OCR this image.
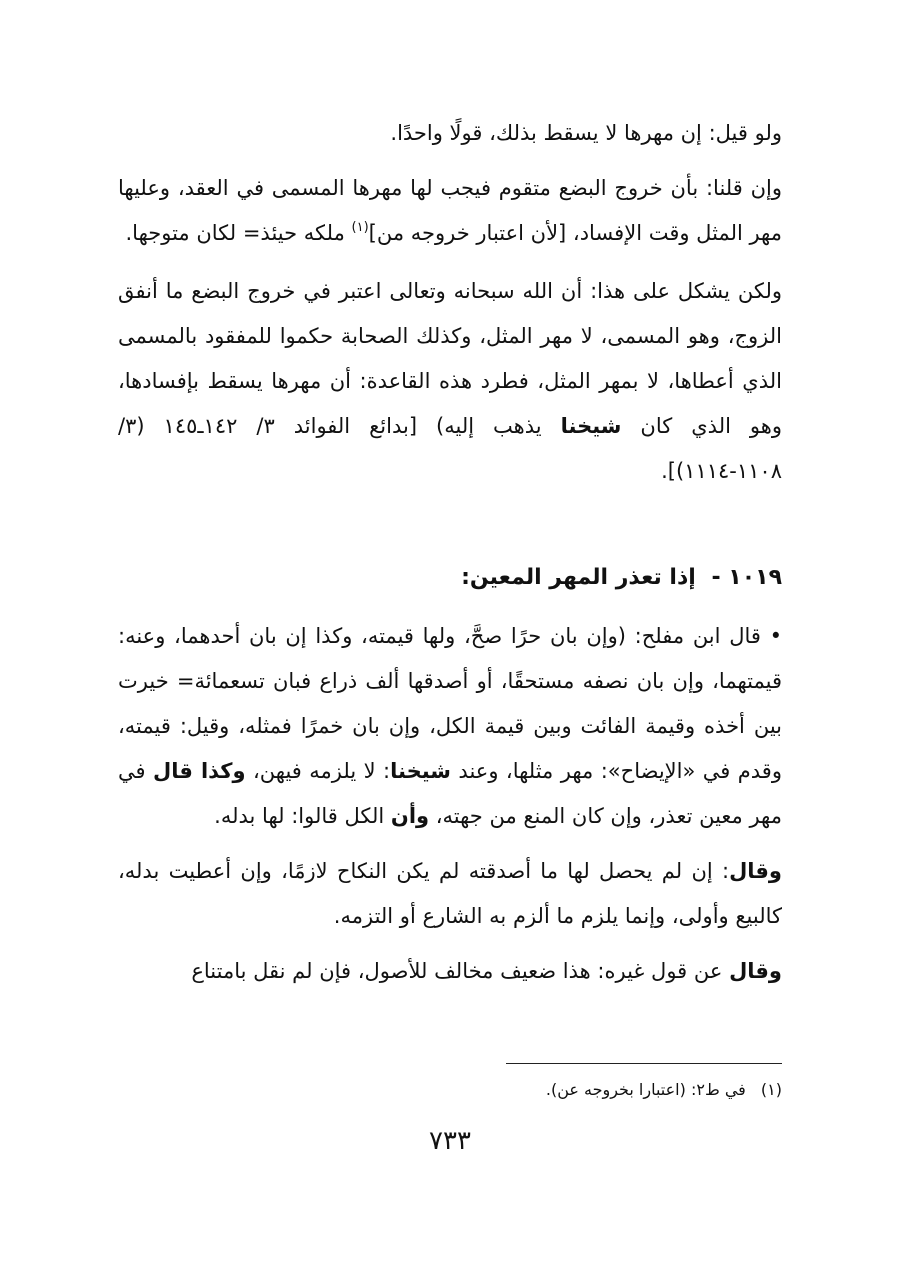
ولو قيل: إن مهرها لا يسقط بذلك، قولًا واحدًا.

وإن قلنا: بأن خروج البضع متقوم فيجب لها مهرها المسمى في العقد، وعليها مهر المثل وقت الإفساد، [لأن اعتبار خروجه من]$^{(١)}$ ملكه حيئذ= لكان متوجها.

ولكن يشكل على هذا: أن الله سبحانه وتعالى اعتبر في خروج البضع ما أنفق الزوج، وهو المسمى، لا مهر المثل، وكذلك الصحابة حكموا للمفقود بالمسمى الذي أعطاها، لا بمهر المثل، فطرد هذه القاعدة: أن مهرها يسقط بإفسادها، وهو الذي كان شيخنا يذهب إليه) [بدائع الفوائد ٣/ ١٤٢ـ١٤٥ (٣/ ١١٠٨-١١١٤)].

١٠١٩ - إذا تعذر المهر المعين:

• قال ابن مفلح: (وإن بان حرًا صحَّ، ولها قيمته، وكذا إن بان أحدهما، وعنه: قيمتهما، وإن بان نصفه مستحقًا، أو أصدقها ألف ذراع فبان تسعمائة= خيرت بين أخذه وقيمة الفائت وبين قيمة الكل، وإن بان خمرًا فمثله، وقيل: قيمته، وقدم في «الإيضاح»: مهر مثلها، وعند شيخنا: لا يلزمه فيهن، وكذا قال في مهر معين تعذر، وإن كان المنع من جهته، وأن الكل قالوا: لها بدله.

وقال: إن لم يحصل لها ما أصدقته لم يكن النكاح لازمًا، وإن أعطيت بدله، كالبيع وأولى، وإنما يلزم ما ألزم به الشارع أو التزمه.

وقال عن قول غيره: هذا ضعيف مخالف للأصول، فإن لم نقل بامتناع

(١) في ط٢: (اعتبارا بخروجه عن).
٧٣٣
